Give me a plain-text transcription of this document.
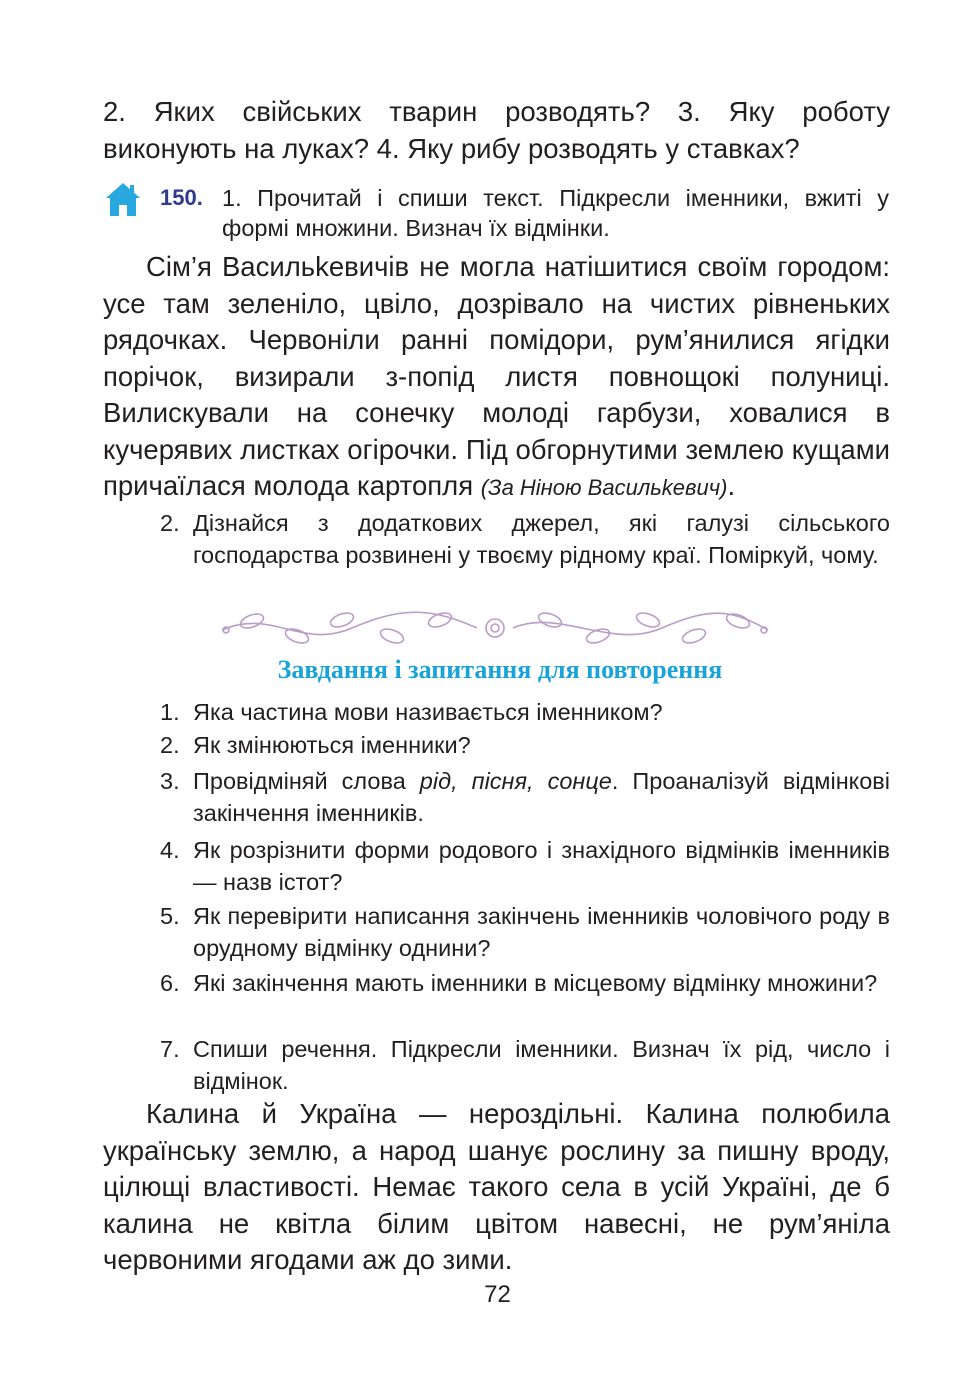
2. Яких свійських тварин розводять? 3. Яку роботу виконують на луках? 4. Яку рибу розводять у ставках?

150. 1. Прочитай і спиши текст. Підкресли іменники, вжиті у формі множини. Визнач їх відмінки.

Сім’я Васильkевичів не могла натішитися своїм городом: усе там зеленіло, цвіло, дозрівало на чистих рівненьких рядочках. Червоніли ранні помідори, рум’янилися ягідки порічок, визирали з-попід листя повнощокі полуниці. Вилискували на сонечку молоді гарбузи, ховалися в кучерявих листках огірочки. Під обгорнутими землею кущами причаїлася молода картопля (За Ніною Васильkевич).

2. Дізнайся з додаткових джерел, які галузі сільського господарства розвинені у твоєму рідному краї. Поміркуй, чому.
Завдання і запитання для повторення
1. Яка частина мови називається іменником?
2. Як змінюються іменники?
3. Провідміняй слова рід, пісня, сонце. Проаналізуй відмінкові закінчення іменників.
4. Як розрізнити форми родового і знахідного відмінків іменників — назв істот?
5. Як перевірити написання закінчень іменників чоловічого роду в орудному відмінку однини?
6. Які закінчення мають іменники в місцевому відмінку множини?
7. Спиши речення. Підкресли іменники. Визнач їх рід, число і відмінок.

Калина й Україна — нероздільні. Калина полюбила українську землю, а народ шанує рослину за пишну вроду, цілющі властивості. Немає такого села в усій Україні, де б калина не квітла білим цвітом навесні, не рум’яніла червоними ягодами аж до зими.

72
